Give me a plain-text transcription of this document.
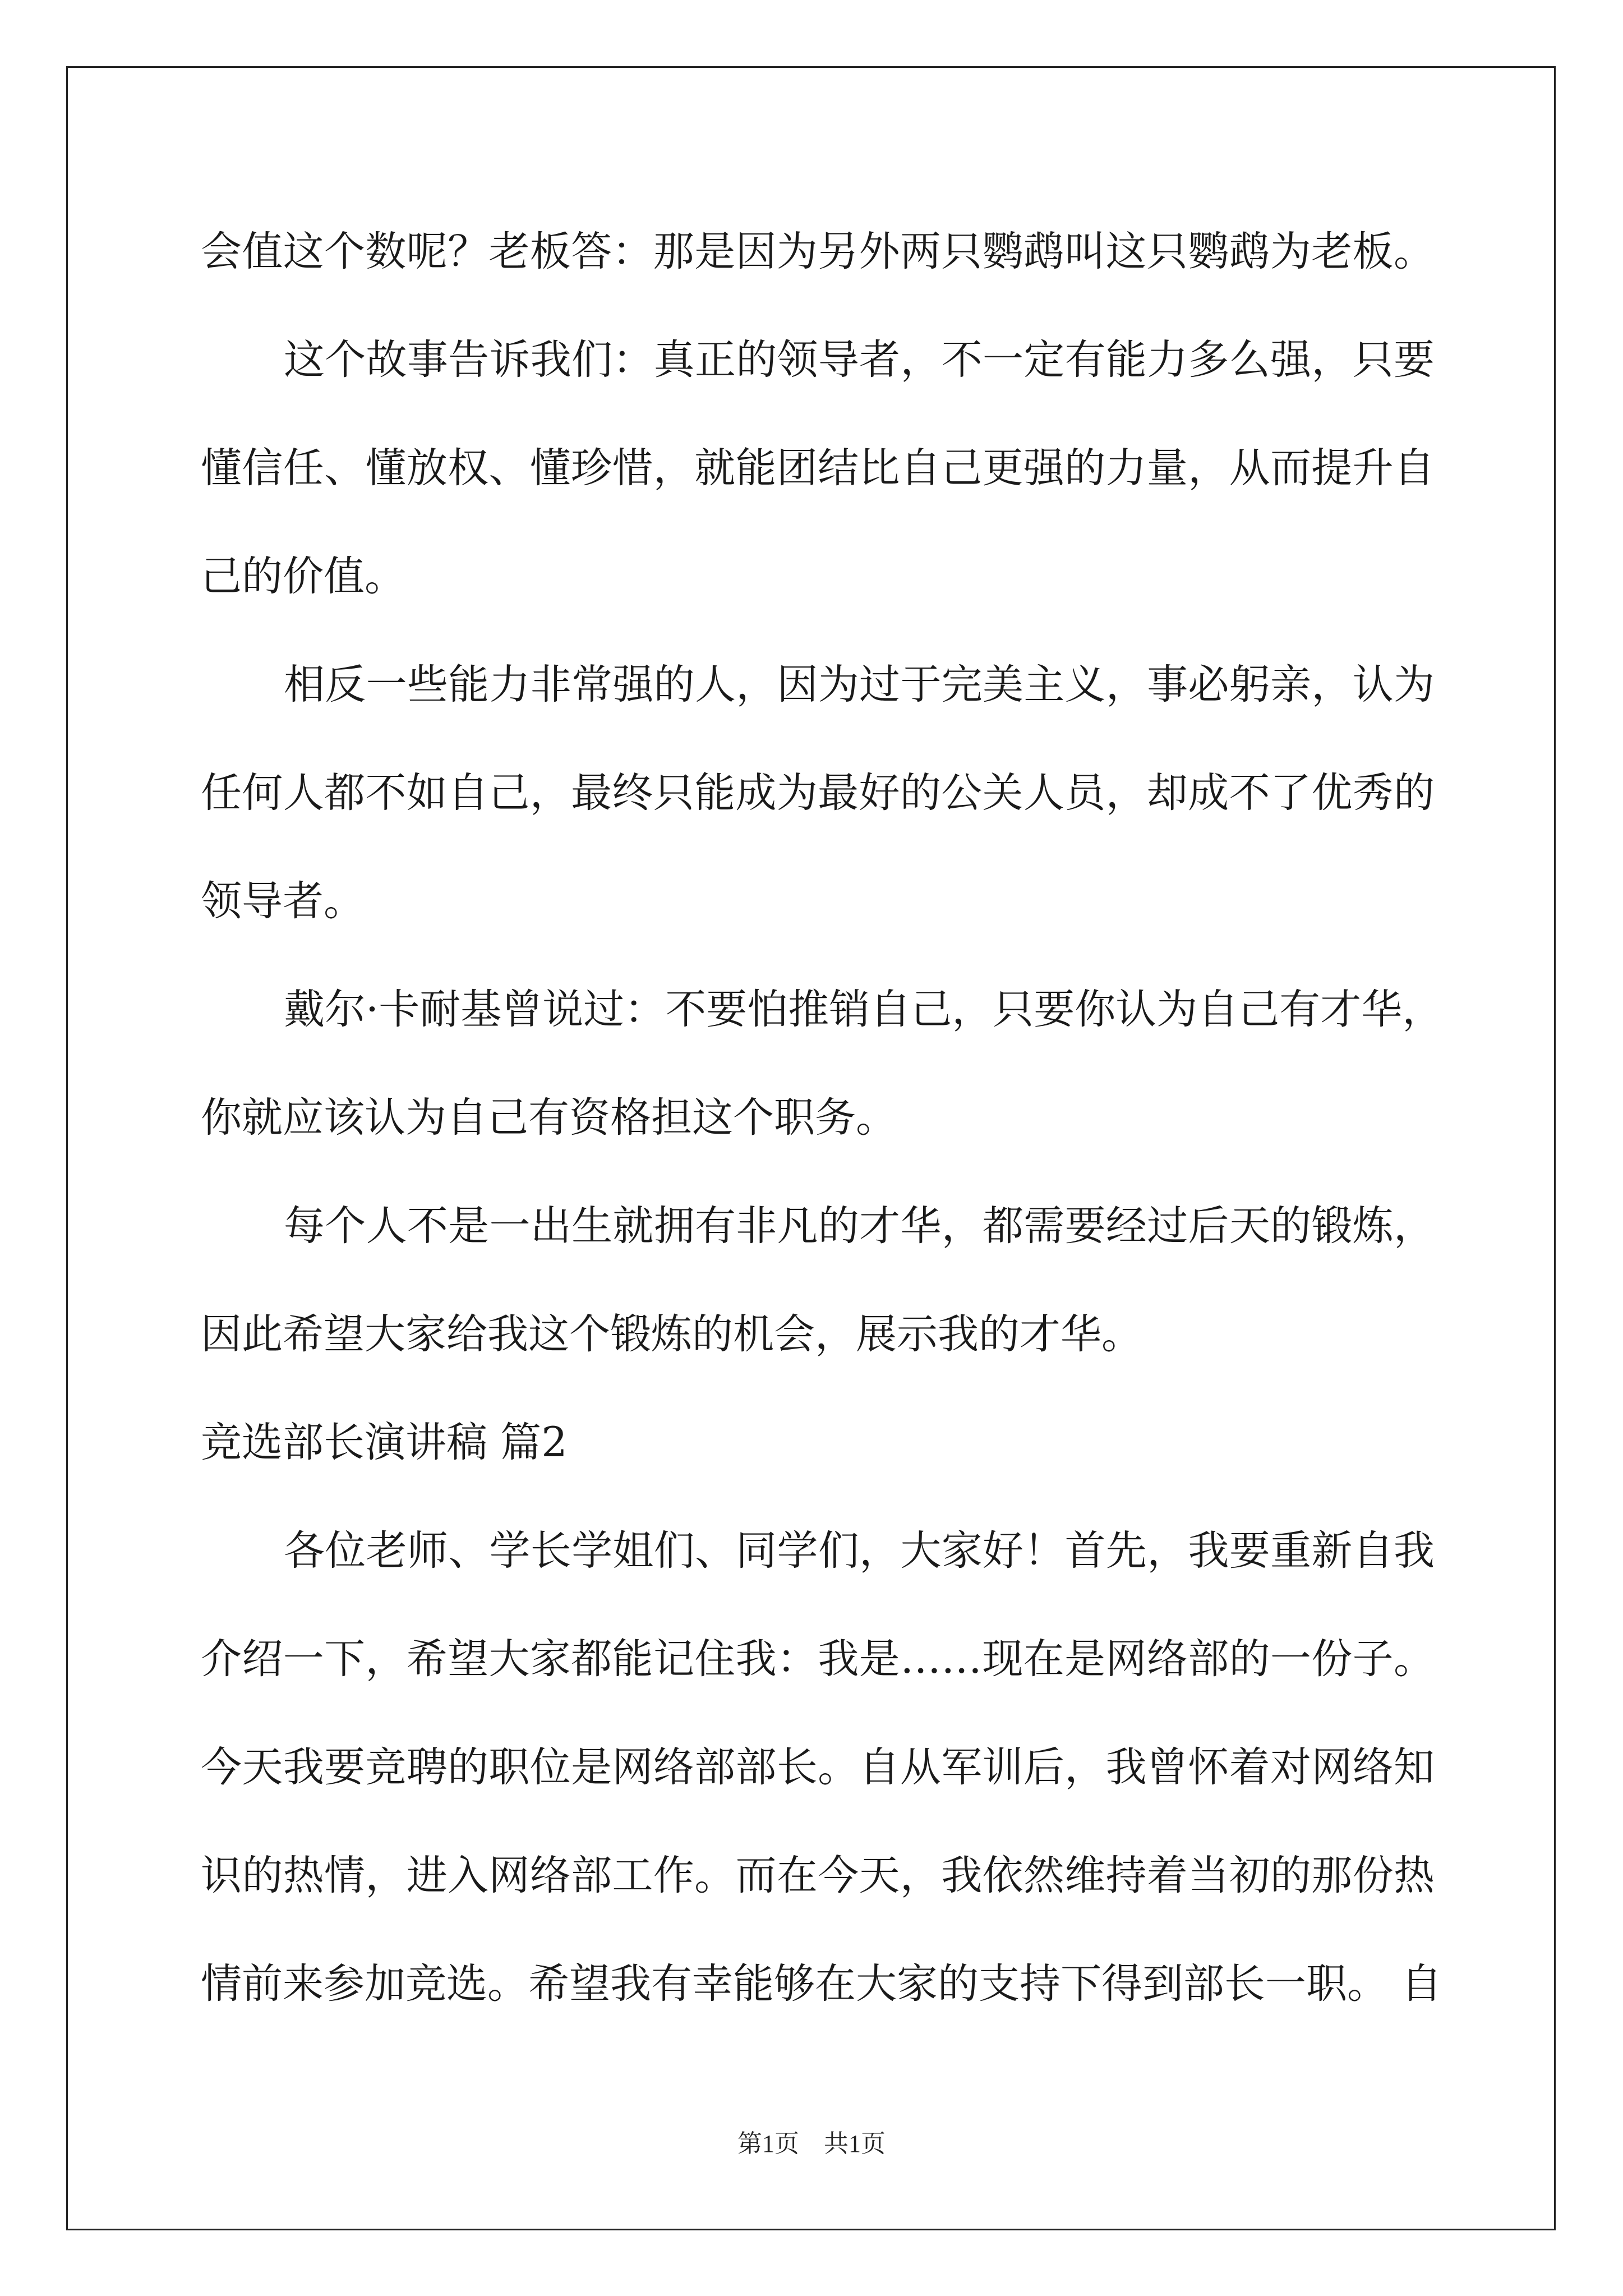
会值这个数呢？老板答：那是因为另外两只鹦鹉叫这只鹦鹉为老板。
这个故事告诉我们：真正的领导者，不一定有能力多么强，只要
懂信任、懂放权、懂珍惜，就能团结比自己更强的力量，从而提升自
己的价值。
相反一些能力非常强的人，因为过于完美主义，事必躬亲，认为
任何人都不如自己，最终只能成为最好的公关人员，却成不了优秀的
领导者。
戴尔·卡耐基曾说过：不要怕推销自己，只要你认为自己有才华，
你就应该认为自己有资格担这个职务。
每个人不是一出生就拥有非凡的才华，都需要经过后天的锻炼，
因此希望大家给我这个锻炼的机会，展示我的才华。
竞选部长演讲稿 篇2
各位老师、学长学姐们、同学们，大家好！首先，我要重新自我
介绍一下，希望大家都能记住我：我是……现在是网络部的一份子。
今天我要竞聘的职位是网络部部长。自从军训后，我曾怀着对网络知
识的热情，进入网络部工作。而在今天，我依然维持着当初的那份热
情前来参加竞选。希望我有幸能够在大家的支持下得到部长一职。 自
第1页　共1页
